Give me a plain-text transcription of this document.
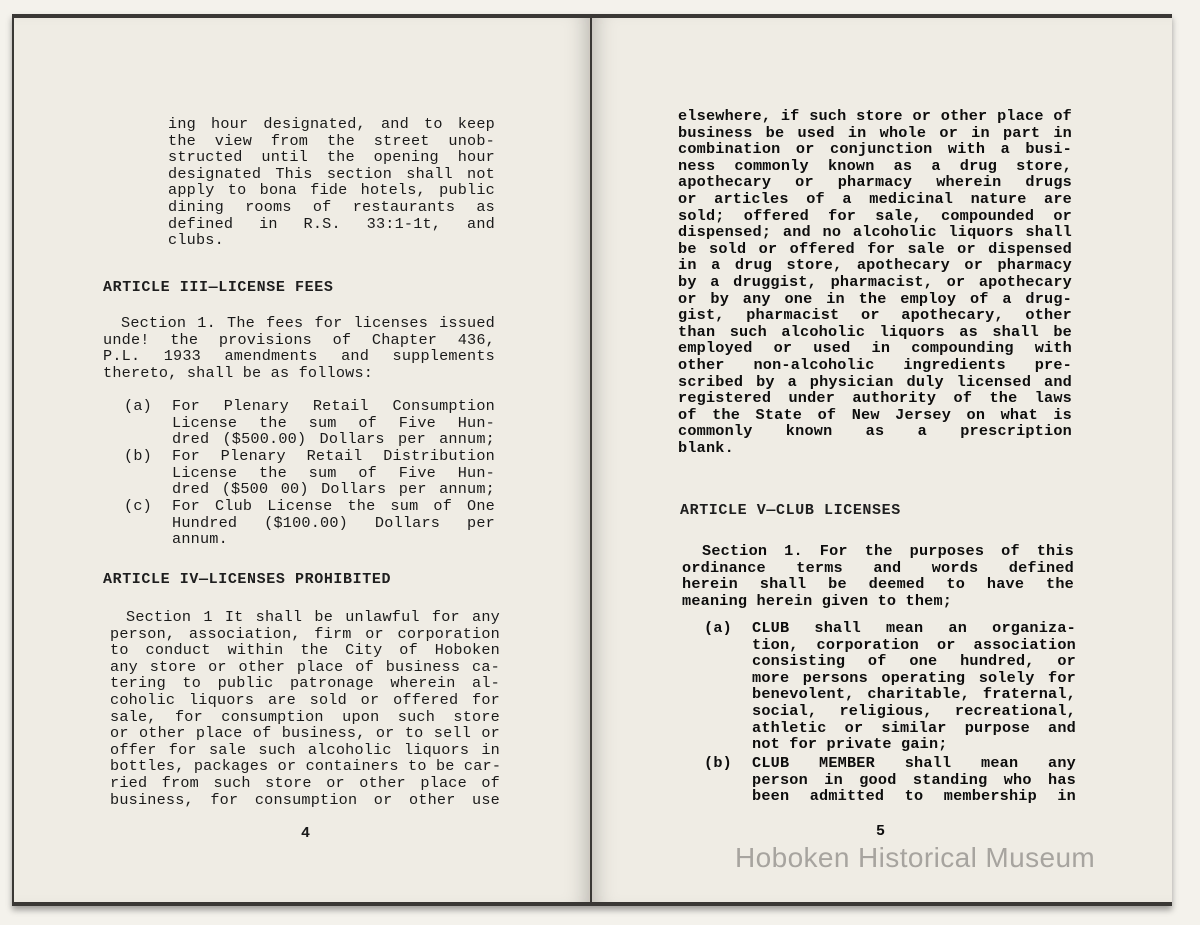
ing hour designated, and to keep
the view from the street unob-
structed until the opening hour
designated This section shall not
apply to bona fide hotels, public
dining rooms of restaurants as
defined in R.S. 33:1-1t, and
clubs.
ARTICLE III—LICENSE FEES
Section 1. The fees for licenses issued
unde! the provisions of Chapter 436,
P.L. 1933 amendments and supplements
thereto, shall be as follows:
(a) For Plenary Retail Consumption
License the sum of Five Hun-
dred ($500.00) Dollars per annum;
(b) For Plenary Retail Distribution
License the sum of Five Hun-
dred ($500 00) Dollars per annum;
(c) For Club License the sum of One
Hundred ($100.00) Dollars per
annum.
ARTICLE IV—LICENSES PROHIBITED
Section 1 It shall be unlawful for any
person, association, firm or corporation
to conduct within the City of Hoboken
any store or other place of business ca-
tering to public patronage wherein al-
coholic liquors are sold or offered for
sale, for consumption upon such store
or other place of business, or to sell or
offer for sale such alcoholic liquors in
bottles, packages or containers to be car-
ried from such store or other place of
business, for consumption or other use
4
elsewhere, if such store or other place of
business be used in whole or in part in
combination or conjunction with a busi-
ness commonly known as a drug store,
apothecary or pharmacy wherein drugs
or articles of a medicinal nature are
sold; offered for sale, compounded or
dispensed; and no alcoholic liquors shall
be sold or offered for sale or dispensed
in a drug store, apothecary or pharmacy
by a druggist, pharmacist, or apothecary
or by any one in the employ of a drug-
gist, pharmacist or apothecary, other
than such alcoholic liquors as shall be
employed or used in compounding with
other non-alcoholic ingredients pre-
scribed by a physician duly licensed and
registered under authority of the laws
of the State of New Jersey on what is
commonly known as a prescription
blank.
ARTICLE V—CLUB LICENSES
Section 1. For the purposes of this
ordinance terms and words defined
herein shall be deemed to have the
meaning herein given to them;
(a) CLUB shall mean an organiza-
tion, corporation or association
consisting of one hundred, or
more persons operating solely for
benevolent, charitable, fraternal,
social, religious, recreational,
athletic or similar purpose and
not for private gain;
(b) CLUB MEMBER shall mean any
person in good standing who has
been admitted to membership in
5
Hoboken Historical Museum
